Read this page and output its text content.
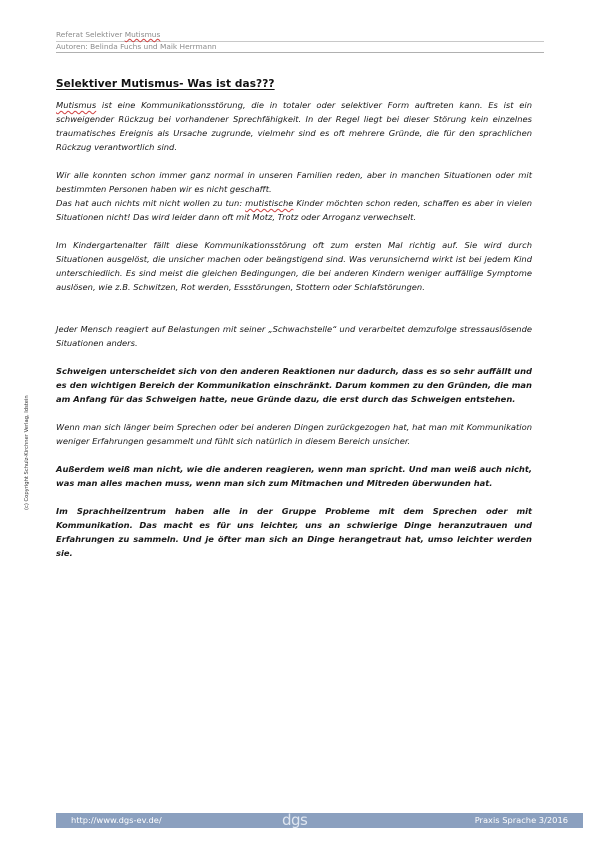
Referat Selektiver Mutismus
Autoren: Belinda Fuchs und Maik Herrmann
Selektiver Mutismus- Was ist das???

Mutismus ist eine Kommunikationsstörung, die in totaler oder selektiver Form auftreten kann. Es ist ein schweigender Rückzug bei vorhandener Sprechfähigkeit. In der Regel liegt bei dieser Störung kein einzelnes traumatisches Ereignis als Ursache zugrunde, vielmehr sind es oft mehrere Gründe, die für den sprachlichen Rückzug verantwortlich sind.

Wir alle konnten schon immer ganz normal in unseren Familien reden, aber in manchen Situationen oder mit bestimmten Personen haben wir es nicht geschafft.

Das hat auch nichts mit nicht wollen zu tun: mutistische Kinder möchten schon reden, schaffen es aber in vielen Situationen nicht! Das wird leider dann oft mit Motz, Trotz oder Arroganz verwechselt.

Im Kindergartenalter fällt diese Kommunikationsstörung oft zum ersten Mal richtig auf. Sie wird durch Situationen ausgelöst, die unsicher machen oder beängstigend sind. Was verunsichernd wirkt ist bei jedem Kind unterschiedlich. Es sind meist die gleichen Bedingungen, die bei anderen Kindern weniger auffällige Symptome auslösen, wie z.B. Schwitzen, Rot werden, Essstörungen, Stottern oder Schlafstörungen.

Jeder Mensch reagiert auf Belastungen mit seiner „Schwachstelle“ und verarbeitet demzufolge stressauslösende Situationen anders.

Schweigen unterscheidet sich von den anderen Reaktionen nur dadurch, dass es so sehr auffällt und es den wichtigen Bereich der Kommunikation einschränkt. Darum kommen zu den Gründen, die man am Anfang für das Schweigen hatte, neue Gründe dazu, die erst durch das Schweigen entstehen.

Wenn man sich länger beim Sprechen oder bei anderen Dingen zurückgezogen hat, hat man mit Kommunikation weniger Erfahrungen gesammelt und fühlt sich natürlich in diesem Bereich unsicher.

Außerdem weiß man nicht, wie die anderen reagieren, wenn man spricht. Und man weiß auch nicht, was man alles machen muss, wenn man sich zum Mitmachen und Mitreden überwunden hat.

Im Sprachheilzentrum haben alle in der Gruppe Probleme mit dem Sprechen oder mit Kommunikation. Das macht es für uns leichter, uns an schwierige Dinge heranzutrauen und Erfahrungen zu sammeln. Und je öfter man sich an Dinge herangetraut hat, umso leichter werden sie.

(c) Copyright Schulz-Kirchner Verlag, Idstein
http://www.dgs-ev.de/	dgs	Praxis Sprache 3/2016
